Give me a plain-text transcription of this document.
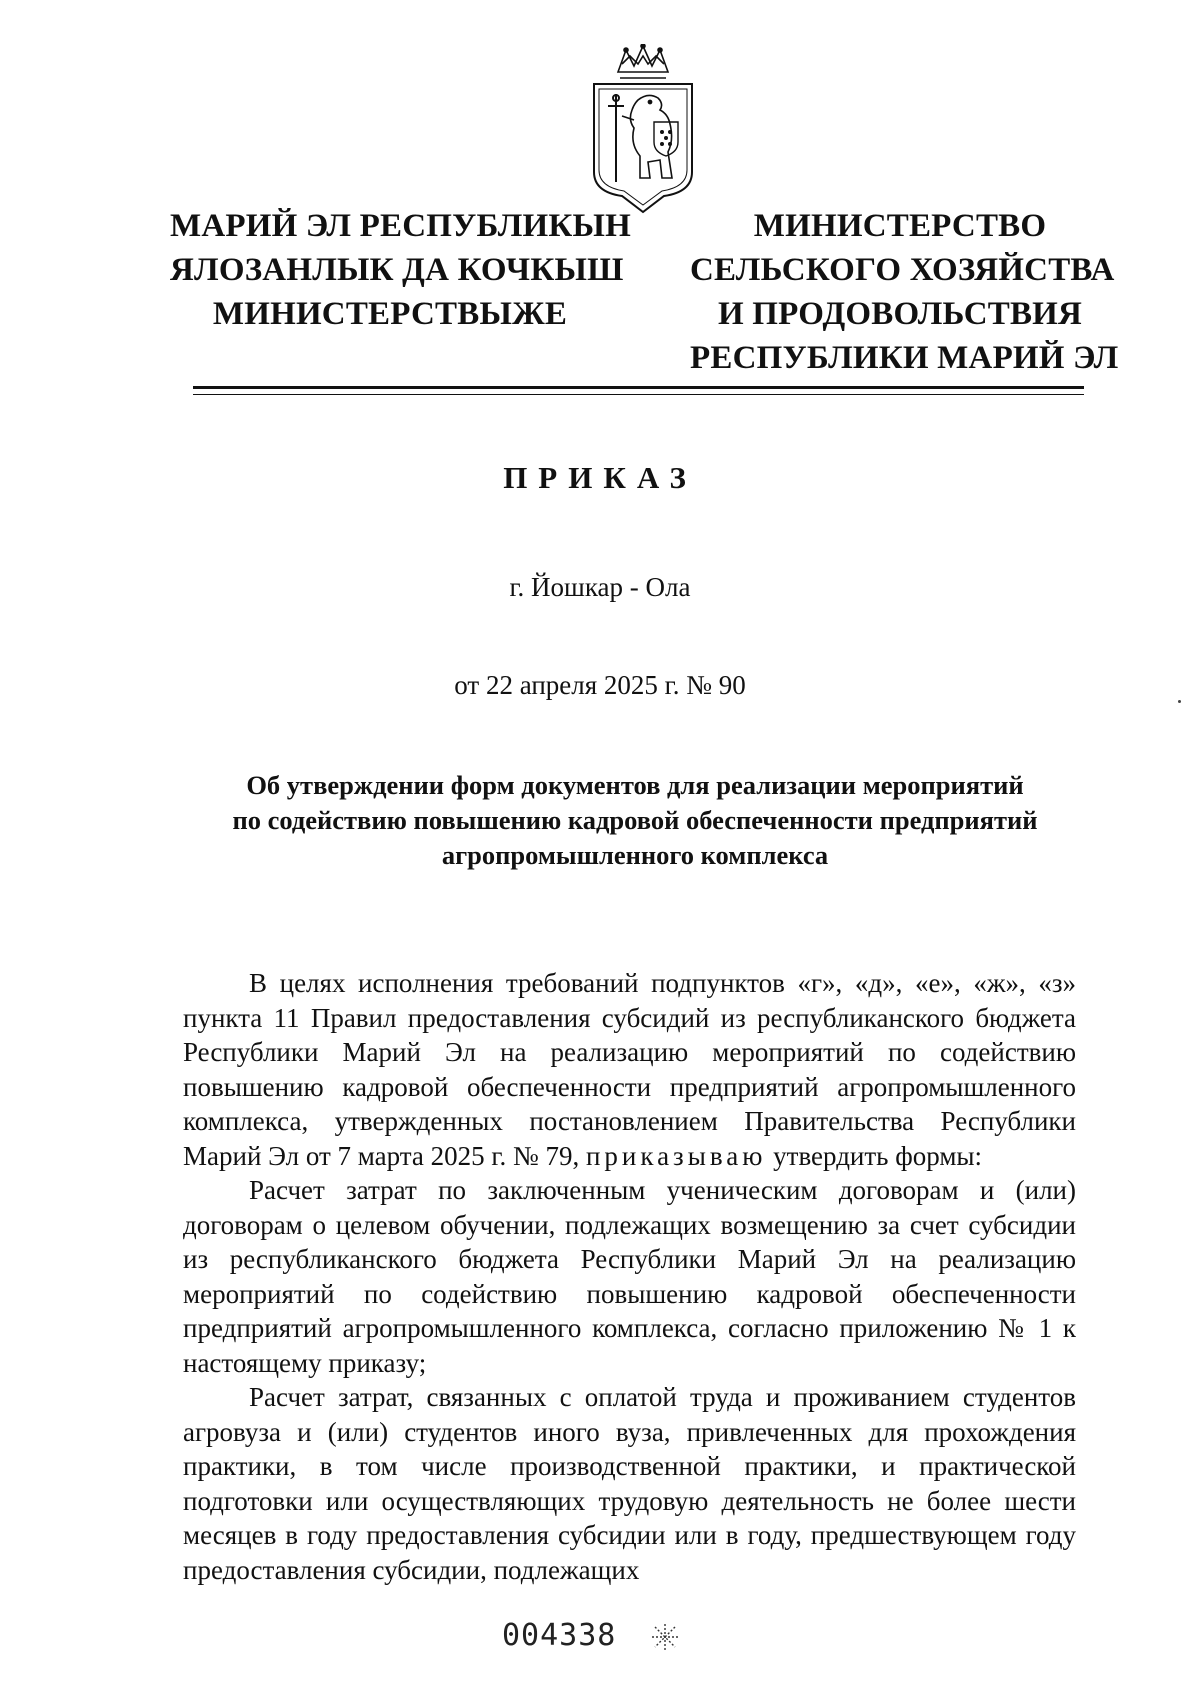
МАРИЙ ЭЛ РЕСПУБЛИКЫН
ЯЛОЗАНЛЫК ДА КОЧКЫШ
МИНИСТЕРСТВЫЖЕ
МИНИСТЕРСТВО
СЕЛЬСКОГО ХОЗЯЙСТВА
И ПРОДОВОЛЬСТВИЯ
РЕСПУБЛИКИ МАРИЙ ЭЛ
ПРИКАЗ
г. Йошкар - Ола
от 22 апреля 2025 г. № 90
Об утверждении форм документов для реализации мероприятий
по содействию повышению кадровой обеспеченности предприятий
агропромышленного комплекса

В целях исполнения требований подпунктов «г», «д», «е», «ж», «з» пункта 11 Правил предоставления субсидий из республиканского бюджета Республики Марий Эл на реализацию мероприятий по содействию повышению кадровой обеспеченности предприятий агропромышленного комплекса, утвержденных постановлением Правительства Республики Марий Эл от 7 марта 2025 г. № 79, приказываю утвердить формы:

Расчет затрат по заключенным ученическим договорам и (или) договорам о целевом обучении, подлежащих возмещению за счет субсидии из республиканского бюджета Республики Марий Эл на реализацию мероприятий по содействию повышению кадровой обеспеченности предприятий агропромышленного комплекса, согласно приложению № 1 к настоящему приказу;

Расчет затрат, связанных с оплатой труда и проживанием студентов агровуза и (или) студентов иного вуза, привлеченных для прохождения практики, в том числе производственной практики, и практической подготовки или осуществляющих трудовую деятельность не более шести месяцев в году предоставления субсидии или в году, предшествующем году предоставления субсидии, подлежащих

004338
